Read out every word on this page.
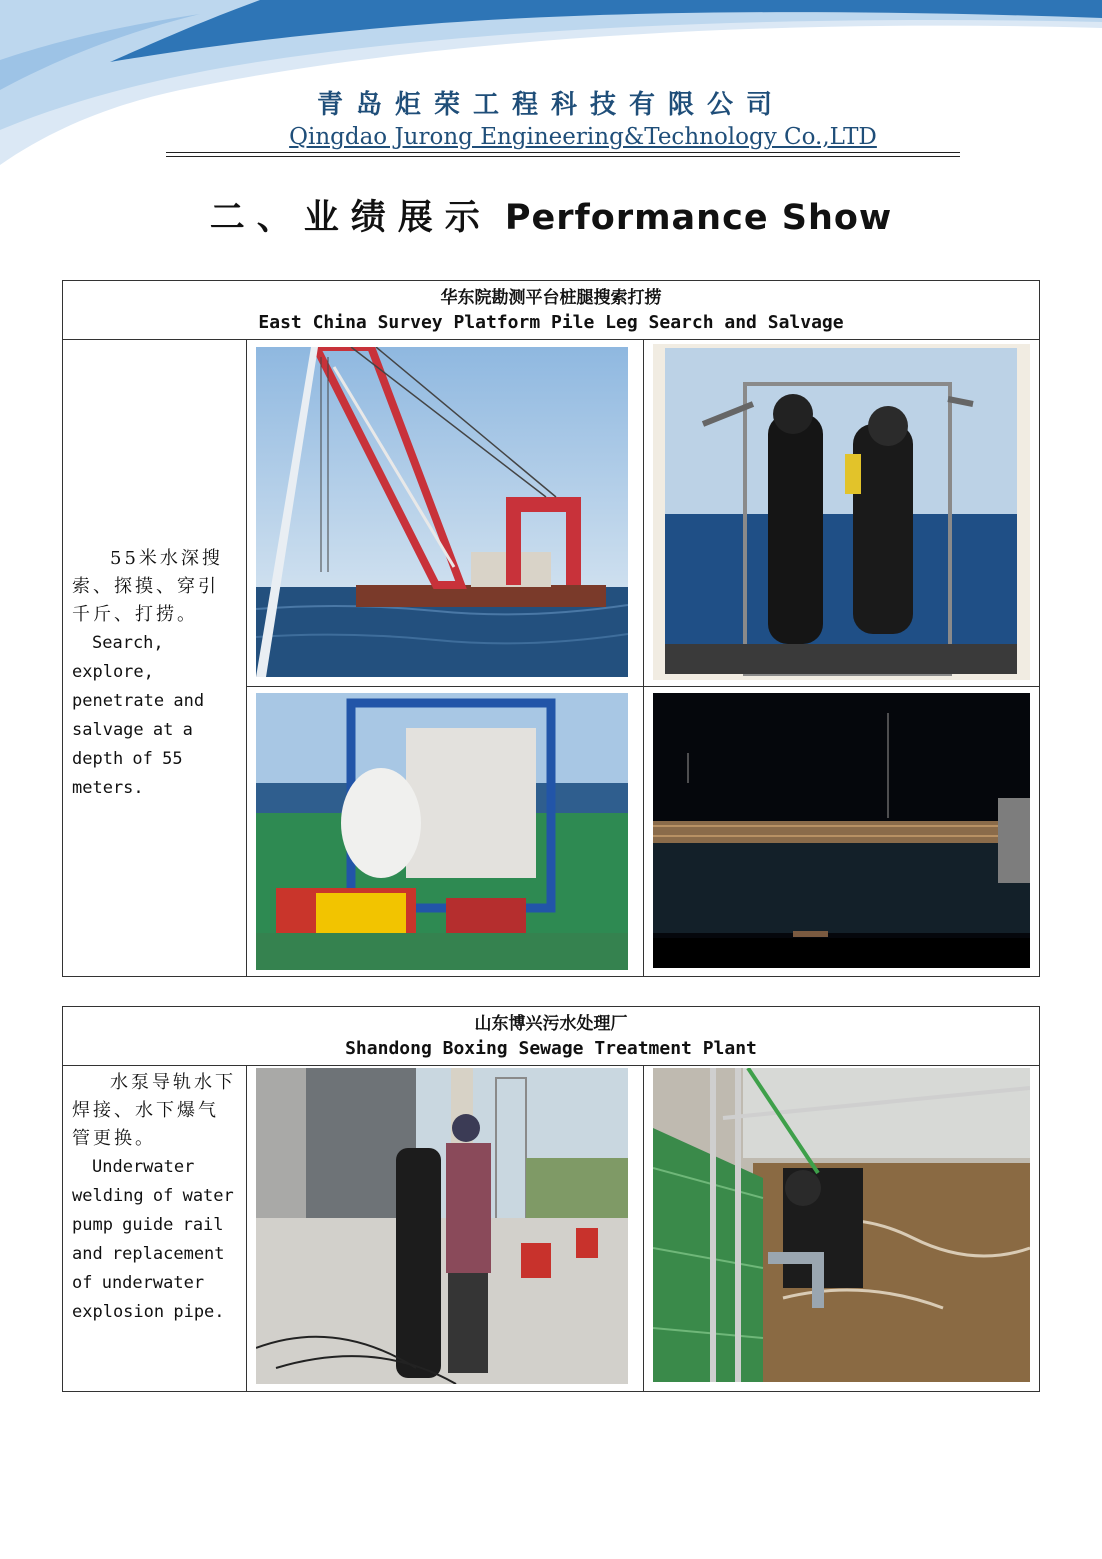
青岛炬荣工程科技有限公司
Qingdao Jurong Engineering&Technology Co.,LTD
二、业绩展示 Performance Show
华东院勘测平台桩腿搜索打捞
East China Survey Platform Pile Leg Search and Salvage
55米水深搜索、探摸、穿引千斤、打捞。
Search, explore, penetrate and salvage at a depth of 55 meters.
山东博兴污水处理厂
Shandong Boxing Sewage Treatment Plant
水泵导轨水下焊接、水下爆气管更换。
Underwater welding of water pump guide rail and replacement of underwater explosion pipe.
